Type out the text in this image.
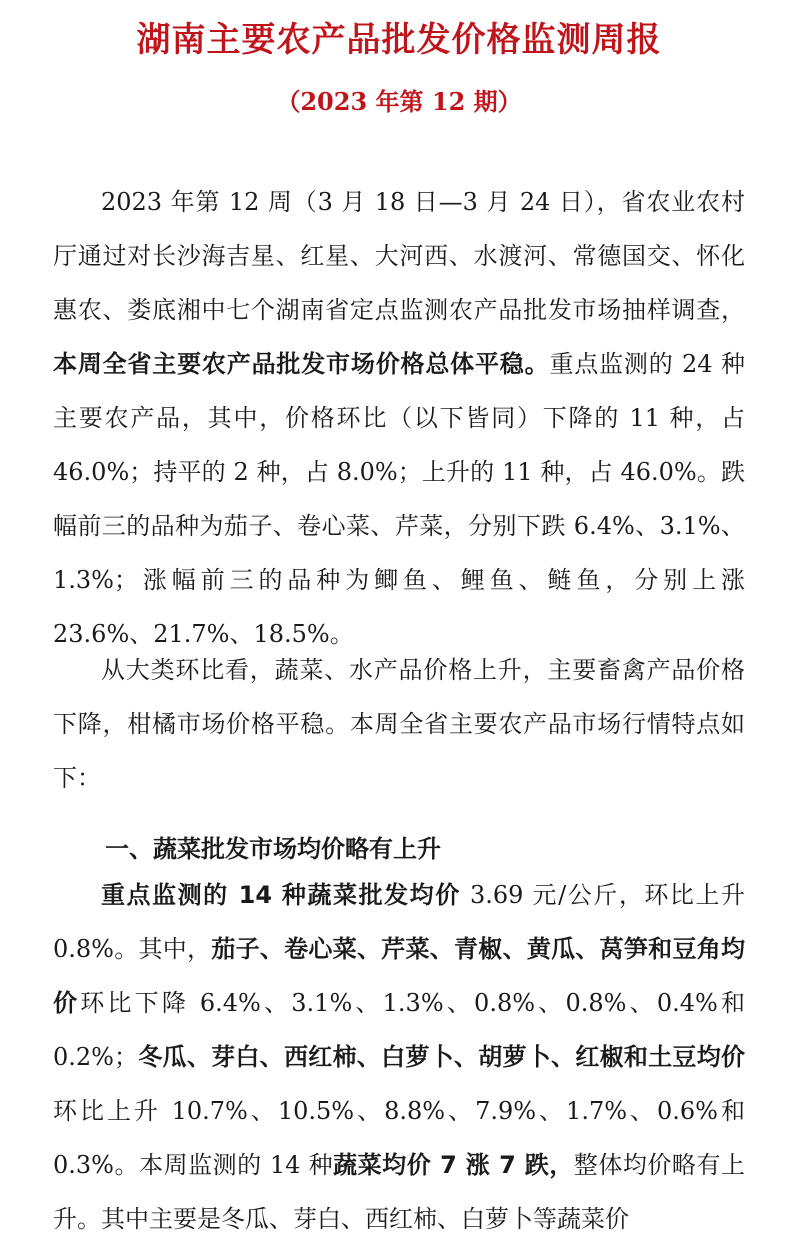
湖南主要农产品批发价格监测周报
（2023 年第 12 期）

2023 年第 12 周（3 月 18 日—3 月 24 日），省农业农村厅通过对长沙海吉星、红星、大河西、水渡河、常德国交、怀化惠农、娄底湘中七个湖南省定点监测农产品批发市场抽样调查，本周全省主要农产品批发市场价格总体平稳。重点监测的 24 种主要农产品，其中，价格环比（以下皆同）下降的 11 种，占 46.0%；持平的 2 种，占 8.0%；上升的 11 种，占 46.0%。跌幅前三的品种为茄子、卷心菜、芹菜，分别下跌 6.4%、3.1%、1.3%；涨幅前三的品种为鲫鱼、鲤鱼、鲢鱼，分别上涨 23.6%、21.7%、18.5%。

从大类环比看，蔬菜、水产品价格上升，主要畜禽产品价格下降，柑橘市场价格平稳。本周全省主要农产品市场行情特点如下：

一、蔬菜批发市场均价略有上升

重点监测的 14 种蔬菜批发均价 3.69 元/公斤，环比上升 0.8%。其中，茄子、卷心菜、芹菜、青椒、黄瓜、莴笋和豆角均价环比下降 6.4%、3.1%、1.3%、0.8%、0.8%、0.4%和 0.2%；冬瓜、芽白、西红柿、白萝卜、胡萝卜、红椒和土豆均价环比上升 10.7%、10.5%、8.8%、7.9%、1.7%、0.6%和 0.3%。本周监测的 14 种蔬菜均价 7 涨 7 跌，整体均价略有上升。其中主要是冬瓜、芽白、西红柿、白萝卜等蔬菜价
